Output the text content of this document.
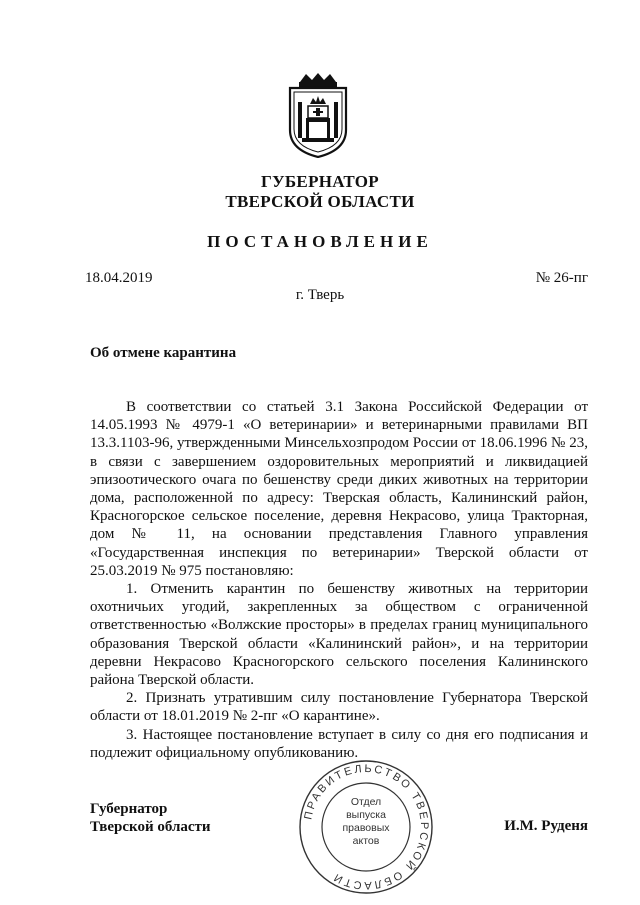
ГУБЕРНАТОР
ТВЕРСКОЙ ОБЛАСТИ
ПОСТАНОВЛЕНИЕ
18.04.2019	№ 26-пг
г. Тверь
Об отмене карантина

В соответствии со статьей 3.1 Закона Российской Федерации от 14.05.1993 № 4979-1 «О ветеринарии» и ветеринарными правилами ВП 13.3.1103-96, утвержденными Минсельхозпродом России от 18.06.1996 № 23, в связи с завершением оздоровительных мероприятий и ликвидацией эпизоотического очага по бешенству среди диких животных на территории дома, расположенной по адресу: Тверская область, Калининский район, Красногорское сельское поселение, деревня Некрасово, улица Тракторная, дом № 11, на основании представления Главного управления «Государственная инспекция по ветеринарии» Тверской области от 25.03.2019 № 975 постановляю:

1. Отменить карантин по бешенству животных на территории охотничьих угодий, закрепленных за обществом с ограниченной ответственностью «Волжские просторы» в пределах границ муниципального образования Тверской области «Калининский район», и на территории деревни Некрасово Красногорского сельского поселения Калининского района Тверской области.

2. Признать утратившим силу постановление Губернатора Тверской области от 18.01.2019 № 2-пг «О карантине».

3. Настоящее постановление вступает в силу со дня его подписания и подлежит официальному опубликованию.

Губернатор
Тверской области
ПРАВИТЕЛЬСТВО ТВЕРСКОЙ ОБЛАСТИ
Отдел
выпуска
правовых
актов
И.М. Руденя
